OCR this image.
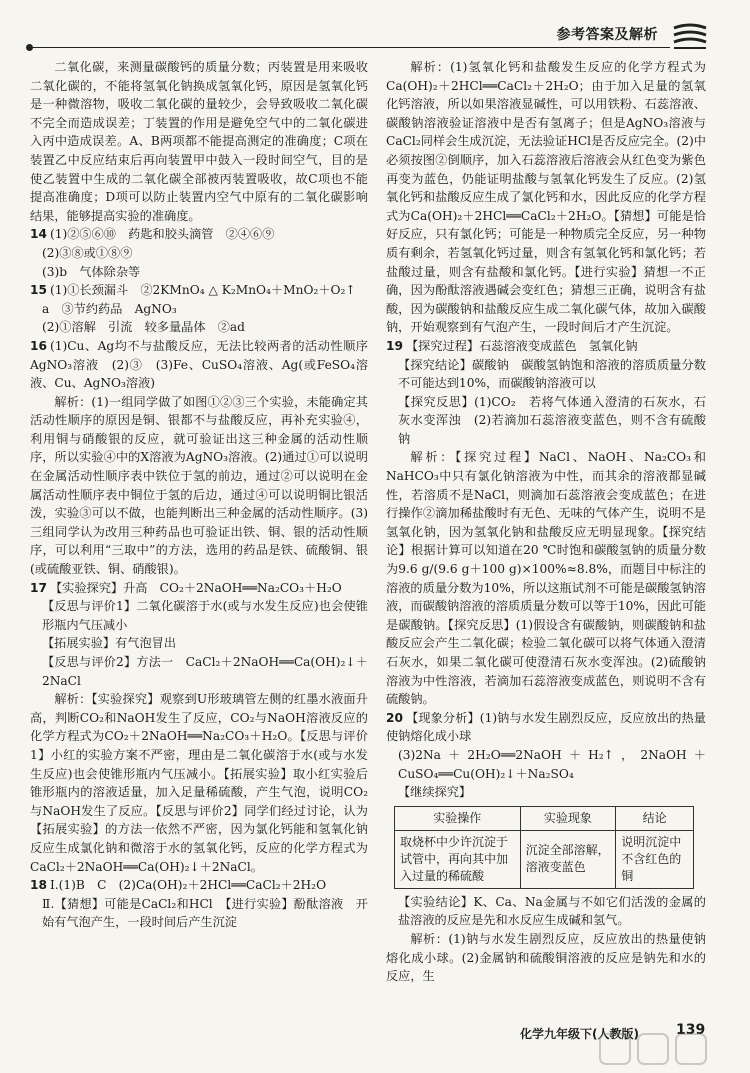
参考答案及解析

二氧化碳，来测量碳酸钙的质量分数；丙装置是用来吸收二氧化碳的，不能将氢氧化钠换成氢氧化钙，原因是氢氧化钙是一种微溶物，吸收二氧化碳的量较少，会导致吸收二氧化碳不完全而造成误差；丁装置的作用是避免空气中的二氧化碳进入丙中造成误差。A、B两项都不能提高测定的准确度；C项在装置乙中反应结束后再向装置甲中鼓入一段时间空气，目的是使乙装置中生成的二氧化碳全部被丙装置吸收，故C项也不能提高准确度；D项可以防止装置内空气中原有的二氧化碳影响结果，能够提高实验的准确度。

14 (1)②⑤⑥⑩　药匙和胶头滴管　②④⑥⑨

(2)③⑧或①⑧⑨

(3)b　气体除杂等

15 (1)①长颈漏斗　②2KMnO₄ △ K₂MnO₄＋MnO₂＋O₂↑

a　③节约药品　AgNO₃

(2)①溶解　引流　较多量晶体　②ad

16 (1)Cu、Ag均不与盐酸反应，无法比较两者的活动性顺序　AgNO₃溶液　(2)③　(3)Fe、CuSO₄溶液、Ag(或FeSO₄溶液、Cu、AgNO₃溶液)

解析：(1)一组同学做了如图①②③三个实验，未能确定其活动性顺序的原因是铜、银都不与盐酸反应，再补充实验④，利用铜与硝酸银的反应，就可验证出这三种金属的活动性顺序，所以实验④中的X溶液为AgNO₃溶液。(2)通过①可以说明在金属活动性顺序表中铁位于氢的前边，通过②可以说明在金属活动性顺序表中铜位于氢的后边，通过④可以说明铜比银活泼，实验③可以不做，也能判断出三种金属的活动性顺序。(3)三组同学认为改用三种药品也可验证出铁、铜、银的活动性顺序，可以利用“三取中”的方法，选用的药品是铁、硫酸铜、银(或硫酸亚铁、铜、硝酸银)。

17 【实验探究】升高　CO₂＋2NaOH══Na₂CO₃＋H₂O

【反思与评价1】二氧化碳溶于水(或与水发生反应)也会使锥形瓶内气压减小

【拓展实验】有气泡冒出

【反思与评价2】方法一　CaCl₂＋2NaOH══Ca(OH)₂↓＋2NaCl

解析：【实验探究】观察到U形玻璃管左侧的红墨水液面升高，判断CO₂和NaOH发生了反应，CO₂与NaOH溶液反应的化学方程式为CO₂＋2NaOH══Na₂CO₃＋H₂O。【反思与评价1】小红的实验方案不严密，理由是二氧化碳溶于水(或与水发生反应)也会使锥形瓶内气压减小。【拓展实验】取小红实验后锥形瓶内的溶液适量，加入足量稀硫酸，产生气泡，说明CO₂与NaOH发生了反应。【反思与评价2】同学们经过讨论，认为【拓展实验】的方法一依然不严密，因为氯化钙能和氢氧化钠反应生成氯化钠和微溶于水的氢氧化钙，反应的化学方程式为CaCl₂＋2NaOH══Ca(OH)₂↓＋2NaCl。

18 Ⅰ.(1)B　C　(2)Ca(OH)₂＋2HCl══CaCl₂＋2H₂O

Ⅱ.【猜想】可能是CaCl₂和HCl　【进行实验】酚酞溶液　开始有气泡产生，一段时间后产生沉淀

解析：(1)氢氧化钙和盐酸发生反应的化学方程式为Ca(OH)₂＋2HCl══CaCl₂＋2H₂O；由于加入足量的氢氧化钙溶液，所以如果溶液显碱性，可以用铁粉、石蕊溶液、碳酸钠溶液验证溶液中是否有氢离子；但是AgNO₃溶液与CaCl₂同样会生成沉淀，无法验证HCl是否反应完全。(2)中必须按图②倒顺序，加入石蕊溶液后溶液会从红色变为紫色再变为蓝色，仍能证明盐酸与氢氧化钙发生了反应。(2)氢氧化钙和盐酸反应生成了氯化钙和水，因此反应的化学方程式为Ca(OH)₂＋2HCl══CaCl₂＋2H₂O。【猜想】可能是恰好反应，只有氯化钙；可能是一种物质完全反应，另一种物质有剩余，若氢氧化钙过量，则含有氢氧化钙和氯化钙；若盐酸过量，则含有盐酸和氯化钙。【进行实验】猜想一不正确，因为酚酞溶液遇碱会变红色；猜想三正确，说明含有盐酸，因为碳酸钠和盐酸反应生成二氧化碳气体，故加入碳酸钠，开始观察到有气泡产生，一段时间后才产生沉淀。

19 【探究过程】石蕊溶液变成蓝色　氢氧化钠

【探究结论】碳酸钠　碳酸氢钠饱和溶液的溶质质量分数不可能达到10%，而碳酸钠溶液可以

【探究反思】(1)CO₂　若将气体通入澄清的石灰水，石灰水变浑浊　(2)若滴加石蕊溶液变蓝色，则不含有硫酸钠

解析：【探究过程】NaCl、NaOH、Na₂CO₃和NaHCO₃中只有氯化钠溶液为中性，而其余的溶液都显碱性，若溶质不是NaCl，则滴加石蕊溶液会变成蓝色；在进行操作②滴加稀盐酸时有无色、无味的气体产生，说明不是氢氧化钠，因为氢氧化钠和盐酸反应无明显现象。【探究结论】根据计算可以知道在20 ℃时饱和碳酸氢钠的质量分数为9.6 g/(9.6 g＋100 g)×100%≈8.8%，而题目中标注的溶液的质量分数为10%，所以这瓶试剂不可能是碳酸氢钠溶液，而碳酸钠溶液的溶质质量分数可以等于10%，因此可能是碳酸钠。【探究反思】(1)假设含有碳酸钠，则碳酸钠和盐酸反应会产生二氧化碳；检验二氧化碳可以将气体通入澄清石灰水，如果二氧化碳可使澄清石灰水变浑浊。(2)硫酸钠溶液为中性溶液，若滴加石蕊溶液变成蓝色，则说明不含有硫酸钠。

20 【现象分析】(1)钠与水发生剧烈反应，反应放出的热量使钠熔化成小球

(3)2Na＋2H₂O══2NaOH＋H₂↑，2NaOH＋CuSO₄══Cu(OH)₂↓＋Na₂SO₄

【继续探究】

实验操作	实验现象	结论
取烧杯中少许沉淀于试管中，再向其中加入过量的稀硫酸	沉淀全部溶解，溶液变蓝色	说明沉淀中不含红色的铜

【实验结论】K、Ca、Na金属与不如它们活泼的金属的盐溶液的反应是先和水反应生成碱和氢气。

解析：(1)钠与水发生剧烈反应，反应放出的热量使钠熔化成小球。(2)金属钠和硫酸铜溶液的反应是钠先和水的反应，生

化学九年级下(人教版)	139
